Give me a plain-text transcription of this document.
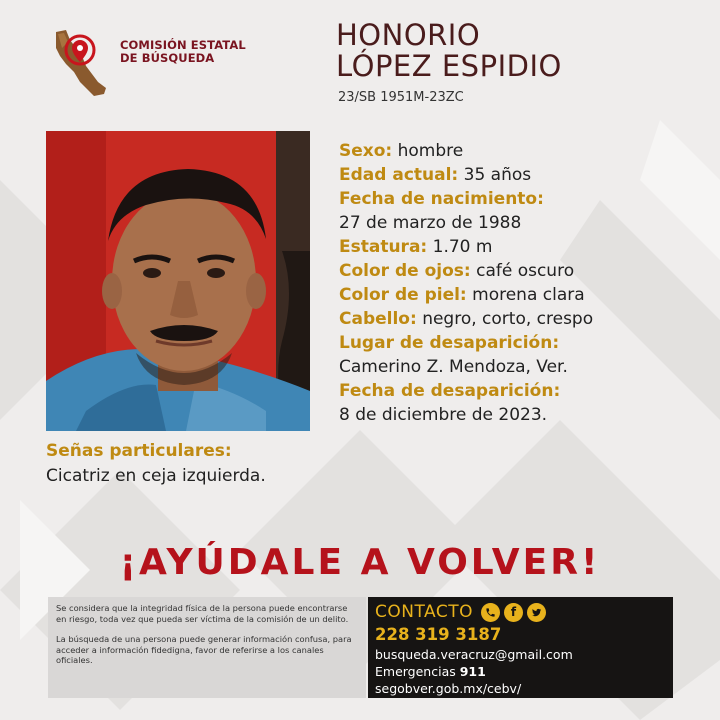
COMISIÓN ESTATAL
DE BÚSQUEDA
HONORIO
LÓPEZ ESPIDIO
23/SB 1951M-23ZC
Sexo: hombre
Edad actual: 35 años
Fecha de nacimiento:
27 de marzo de 1988
Estatura: 1.70 m
Color de ojos: café oscuro
Color de piel: morena clara
Cabello: negro, corto, crespo
Lugar de desaparición:
Camerino Z. Mendoza, Ver.
Fecha de desaparición:
8 de diciembre de 2023.
Señas particulares:
Cicatriz en ceja izquierda.
¡AYÚDALE A VOLVER!

Se considera que la integridad física de la persona puede encontrarse en riesgo, toda vez que pueda ser víctima de la comisión de un delito.

La búsqueda de una persona puede generar información confusa, para acceder a información fidedigna, favor de referirse a los canales oficiales.

CONTACTO	f
228 319 3187
busqueda.veracruz@gmail.com
Emergencias 911
segobver.gob.mx/cebv/
